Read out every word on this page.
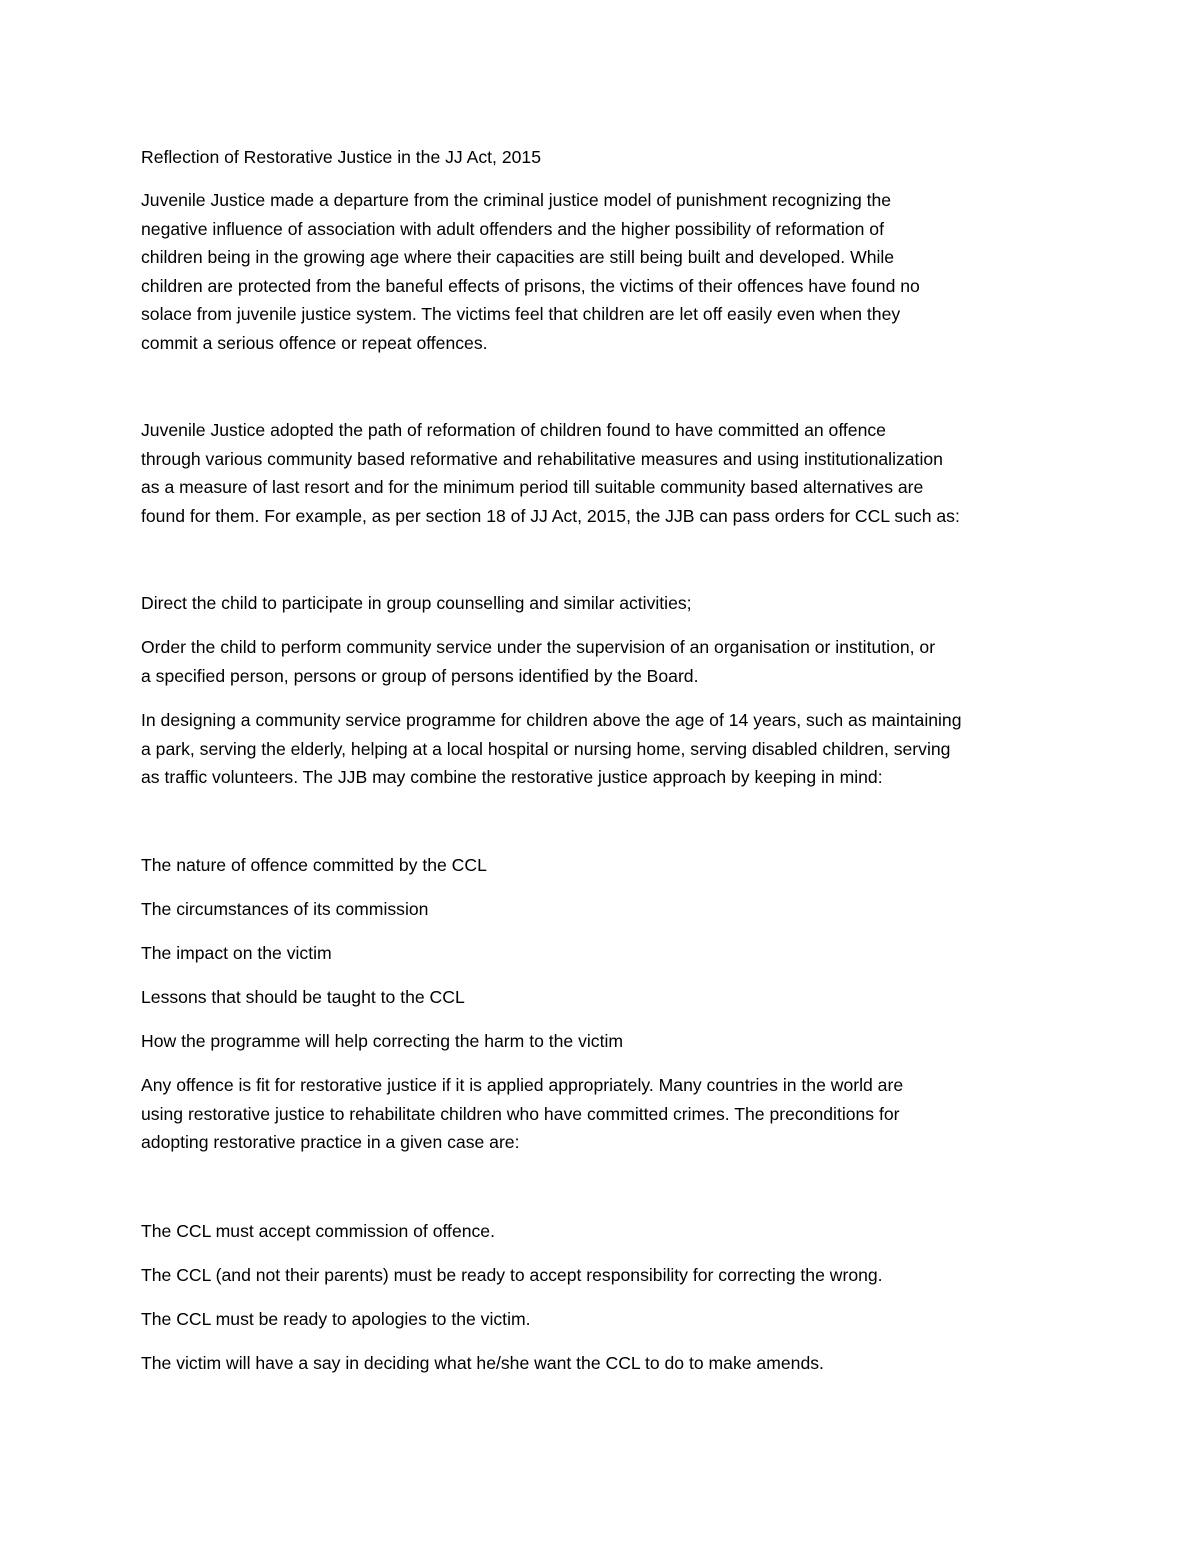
Reflection of Restorative Justice in the JJ Act, 2015

Juvenile Justice made a departure from the criminal justice model of punishment recognizing the

negative influence of association with adult offenders and the higher possibility of reformation of

children being in the growing age where their capacities are still being built and developed. While

children are protected from the baneful effects of prisons, the victims of their offences have found no

solace from juvenile justice system. The victims feel that children are let off easily even when they

commit a serious offence or repeat offences.

Juvenile Justice adopted the path of reformation of children found to have committed an offence

through various community based reformative and rehabilitative measures and using institutionalization

as a measure of last resort and for the minimum period till suitable community based alternatives are

found for them. For example, as per section 18 of JJ Act, 2015, the JJB can pass orders for CCL such as:

Direct the child to participate in group counselling and similar activities;

Order the child to perform community service under the supervision of an organisation or institution, or

a specified person, persons or group of persons identified by the Board.

In designing a community service programme for children above the age of 14 years, such as maintaining

a park, serving the elderly, helping at a local hospital or nursing home, serving disabled children, serving

as traffic volunteers. The JJB may combine the restorative justice approach by keeping in mind:

The nature of offence committed by the CCL

The circumstances of its commission

The impact on the victim

Lessons that should be taught to the CCL

How the programme will help correcting the harm to the victim

Any offence is fit for restorative justice if it is applied appropriately. Many countries in the world are

using restorative justice to rehabilitate children who have committed crimes. The preconditions for

adopting restorative practice in a given case are:

The CCL must accept commission of offence.

The CCL (and not their parents) must be ready to accept responsibility for correcting the wrong.

The CCL must be ready to apologies to the victim.

The victim will have a say in deciding what he/she want the CCL to do to make amends.
